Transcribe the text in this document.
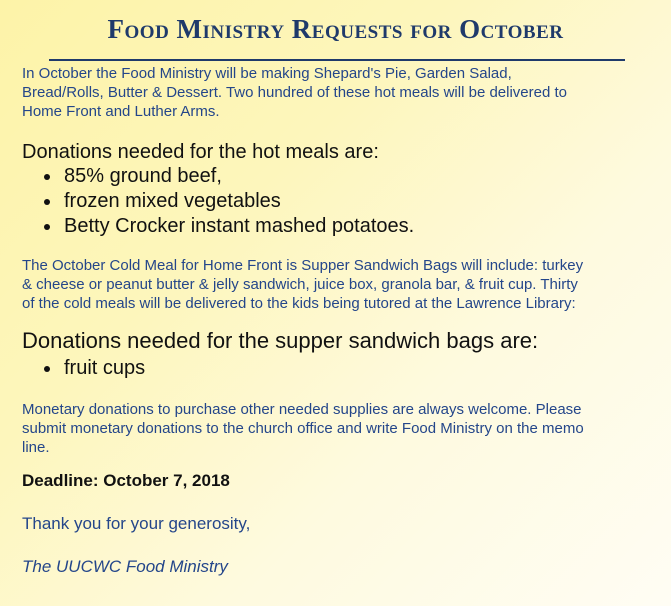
Food Ministry Requests for October

In October the Food Ministry will be making Shepard's Pie, Garden Salad,
Bread/Rolls, Butter & Dessert. Two hundred of these hot meals will be delivered to
Home Front and Luther Arms.

Donations needed for the hot meals are:

85% ground beef,
frozen mixed vegetables
Betty Crocker instant mashed potatoes.

The October Cold Meal for Home Front is Supper Sandwich Bags will include: turkey
& cheese or peanut butter & jelly sandwich, juice box, granola bar, & fruit cup. Thirty
of the cold meals will be delivered to the kids being tutored at the Lawrence Library:

Donations needed for the supper sandwich bags are:

fruit cups

Monetary donations to purchase other needed supplies are always welcome. Please
submit monetary donations to the church office and write Food Ministry on the memo
line.

Deadline: October 7, 2018

Thank you for your generosity,

The UUCWC Food Ministry
